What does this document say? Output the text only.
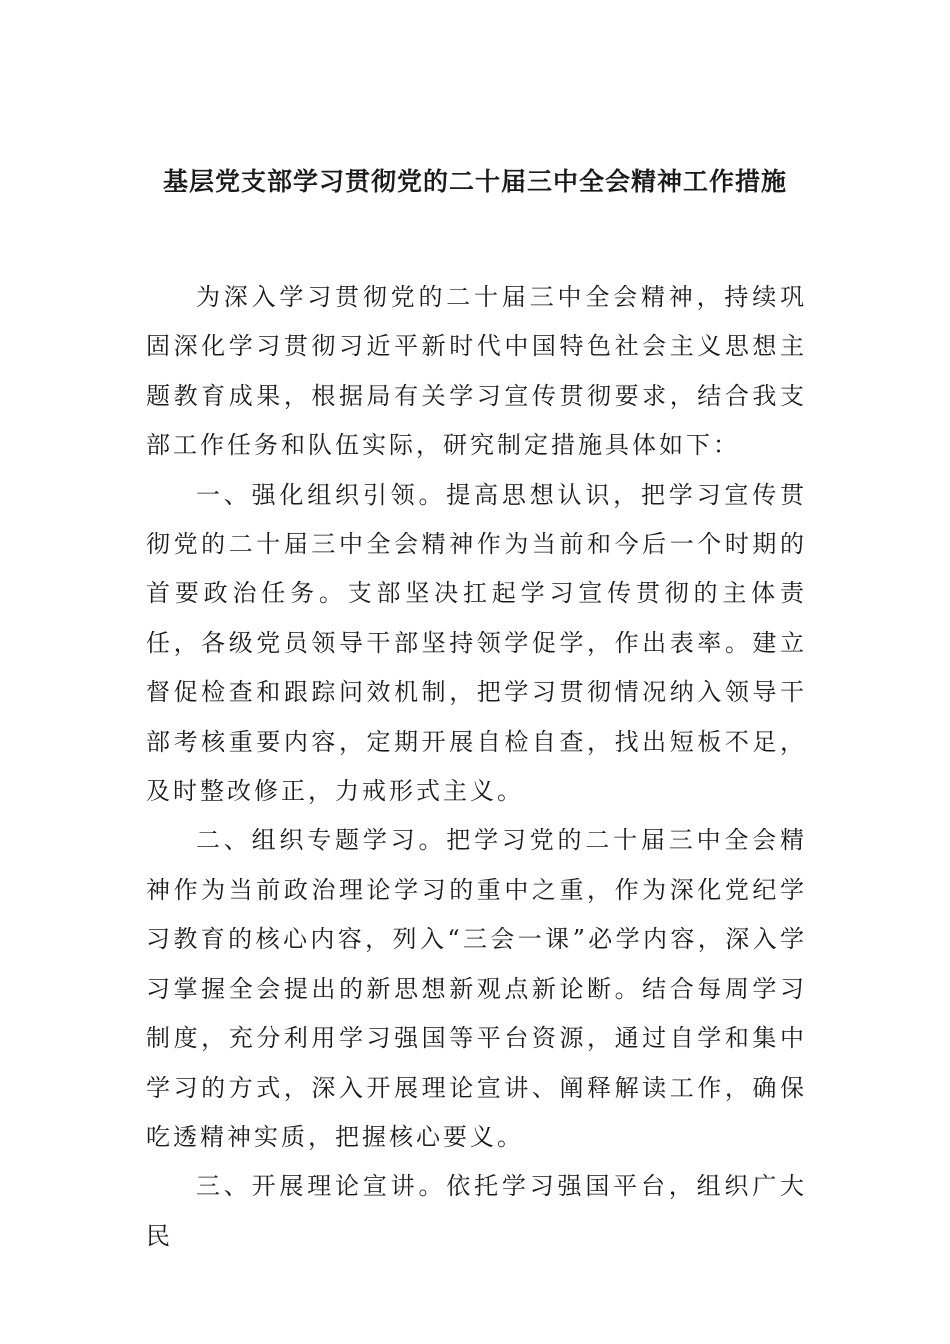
基层党支部学习贯彻党的二十届三中全会精神工作措施

为深入学习贯彻党的二十届三中全会精神，持续巩固深化学习贯彻习近平新时代中国特色社会主义思想主题教育成果，根据局有关学习宣传贯彻要求，结合我支部工作任务和队伍实际，研究制定措施具体如下：

一、强化组织引领。提高思想认识，把学习宣传贯彻党的二十届三中全会精神作为当前和今后一个时期的首要政治任务。支部坚决扛起学习宣传贯彻的主体责任，各级党员领导干部坚持领学促学，作出表率。建立督促检查和跟踪问效机制，把学习贯彻情况纳入领导干部考核重要内容，定期开展自检自查，找出短板不足，及时整改修正，力戒形式主义。

二、组织专题学习。把学习党的二十届三中全会精神作为当前政治理论学习的重中之重，作为深化党纪学习教育的核心内容，列入“三会一课”必学内容，深入学习掌握全会提出的新思想新观点新论断。结合每周学习制度，充分利用学习强国等平台资源，通过自学和集中学习的方式，深入开展理论宣讲、阐释解读工作，确保吃透精神实质，把握核心要义。

三、开展理论宣讲。依托学习强国平台，组织广大民
